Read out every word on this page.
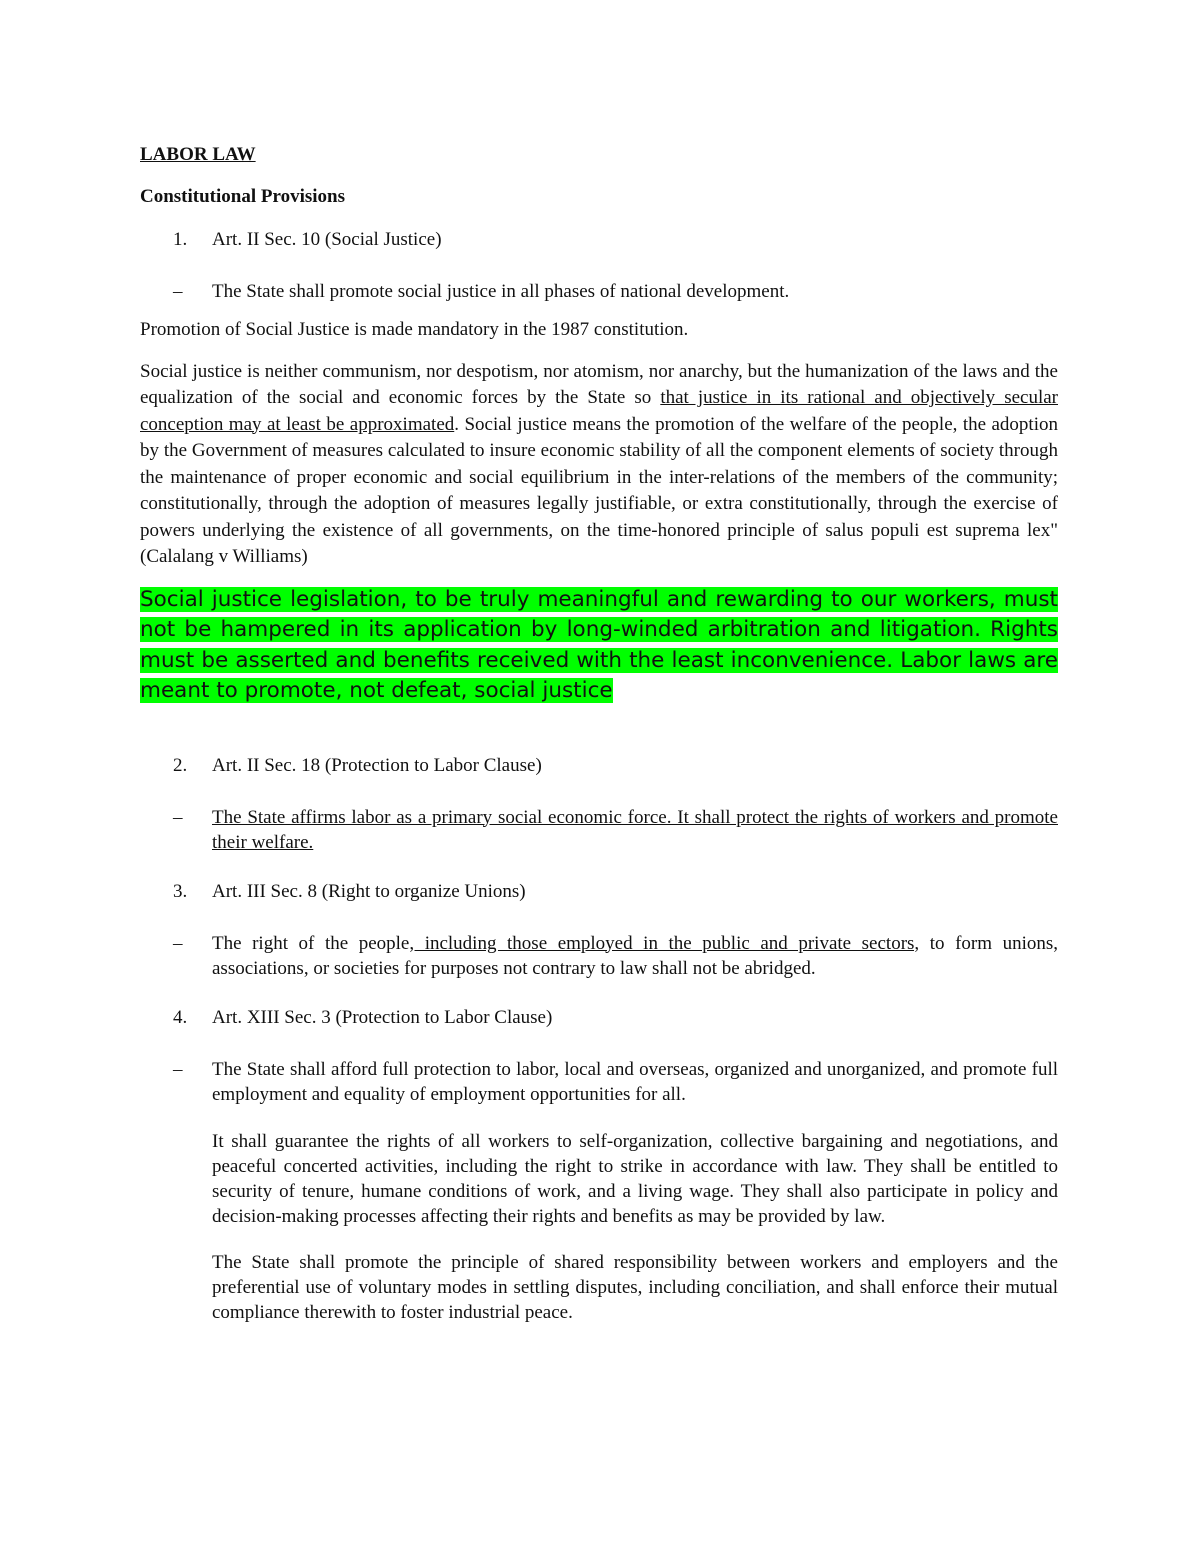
LABOR LAW

Constitutional Provisions

1.	Art. II Sec. 10 (Social Justice)
–	The State shall promote social justice in all phases of national development.

Promotion of Social Justice is made mandatory in the 1987 constitution.

Social justice is neither communism, nor despotism, nor atomism, nor anarchy, but the humanization of the laws and the equalization of the social and economic forces by the State so that justice in its rational and objectively secular conception may at least be approximated. Social justice means the promotion of the welfare of the people, the adoption by the Government of measures calculated to insure economic stability of all the component elements of society through the maintenance of proper economic and social equilibrium in the inter-relations of the members of the community; constitutionally, through the adoption of measures legally justifiable, or extra constitutionally, through the exercise of powers underlying the existence of all governments, on the time-honored principle of salus populi est suprema lex" (Calalang v Williams)

Social justice legislation, to be truly meaningful and rewarding to our workers, must not be hampered in its application by long-winded arbitration and litigation. Rights must be asserted and benefits received with the least inconvenience. Labor laws are meant to promote, not defeat, social justice

2.	Art. II Sec. 18 (Protection to Labor Clause)
–	The State affirms labor as a primary social economic force. It shall protect the rights of workers and promote their welfare.
3.	Art. III Sec. 8 (Right to organize Unions)
–	The right of the people, including those employed in the public and private sectors, to form unions, associations, or societies for purposes not contrary to law shall not be abridged.
4.	Art. XIII Sec. 3 (Protection to Labor Clause)
–	The State shall afford full protection to labor, local and overseas, organized and unorganized, and promote full employment and equality of employment opportunities for all.

It shall guarantee the rights of all workers to self-organization, collective bargaining and negotiations, and peaceful concerted activities, including the right to strike in accordance with law. They shall be entitled to security of tenure, humane conditions of work, and a living wage. They shall also participate in policy and decision-making processes affecting their rights and benefits as may be provided by law.

The State shall promote the principle of shared responsibility between workers and employers and the preferential use of voluntary modes in settling disputes, including conciliation, and shall enforce their mutual compliance therewith to foster industrial peace.
